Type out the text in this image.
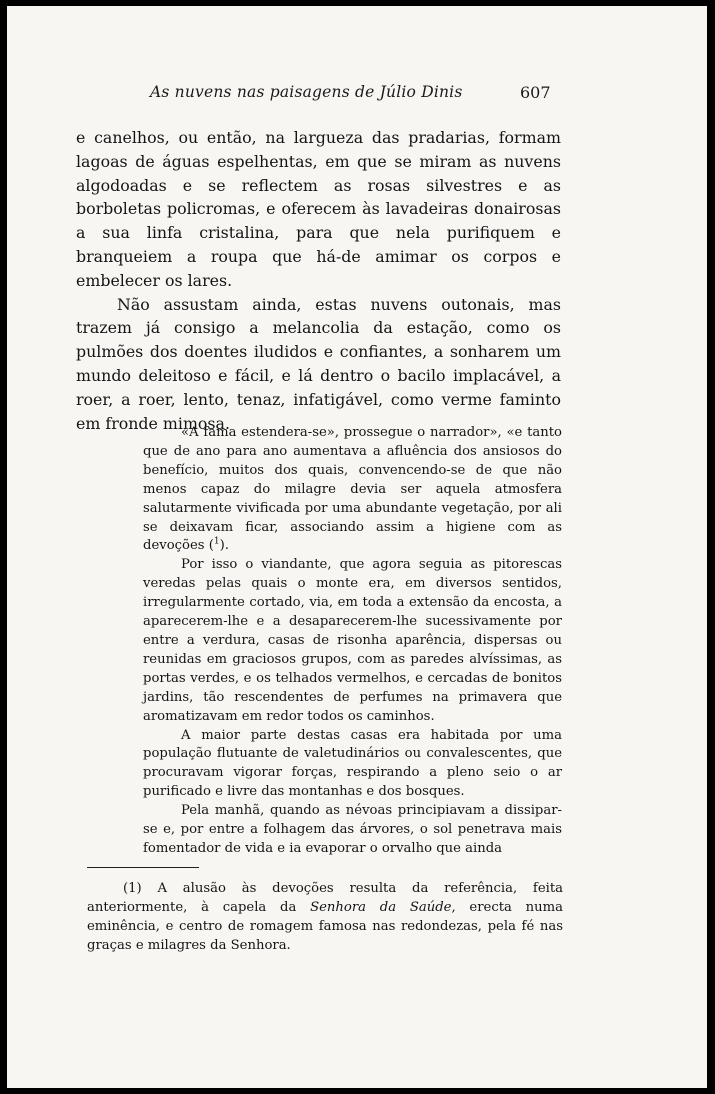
As nuvens nas paisagens de Júlio Dinis	607

e canelhos, ou então, na largueza das pradarias, formam lagoas de águas espelhentas, em que se miram as nuvens algodoadas e se reflectem as rosas silvestres e as borboletas policromas, e oferecem às lavadeiras donairosas a sua linfa cristalina, para que nela purifiquem e branqueiem a roupa que há-de amimar os corpos e embelecer os lares.

Não assustam ainda, estas nuvens outonais, mas trazem já consigo a melancolia da estação, como os pulmões dos doentes iludidos e confiantes, a sonharem um mundo deleitoso e fácil, e lá dentro o bacilo implacável, a roer, a roer, lento, tenaz, infatigável, como verme faminto em fronde mimosa.

«A fama estendera-se», prossegue o narrador», «e tanto que de ano para ano aumentava a afluência dos ansiosos do benefício, muitos dos quais, convencendo-se de que não menos capaz do milagre devia ser aquela atmosfera salutarmente vivificada por uma abundante vegetação, por ali se deixavam ficar, associando assim a higiene com as devoções ($^1$).

Por isso o viandante, que agora seguia as pitorescas veredas pelas quais o monte era, em diversos sentidos, irregularmente cortado, via, em toda a extensão da encosta, a aparecerem-lhe e a desaparecerem-lhe sucessivamente por entre a verdura, casas de risonha aparência, dispersas ou reunidas em graciosos grupos, com as paredes alvíssimas, as portas verdes, e os telhados vermelhos, e cercadas de bonitos jardins, tão rescendentes de perfumes na primavera que aromatizavam em redor todos os caminhos.

A maior parte destas casas era habitada por uma população flutuante de valetudinários ou convalescentes, que procuravam vigorar forças, respirando a pleno seio o ar purificado e livre das montanhas e dos bosques.

Pela manhã, quando as névoas principiavam a dissipar-se e, por entre a folhagem das árvores, o sol penetrava mais fomentador de vida e ia evaporar o orvalho que ainda

(1) A alusão às devoções resulta da referência, feita anteriormente, à capela da Senhora da Saúde, erecta numa eminência, e centro de romagem famosa nas redondezas, pela fé nas graças e milagres da Senhora.
